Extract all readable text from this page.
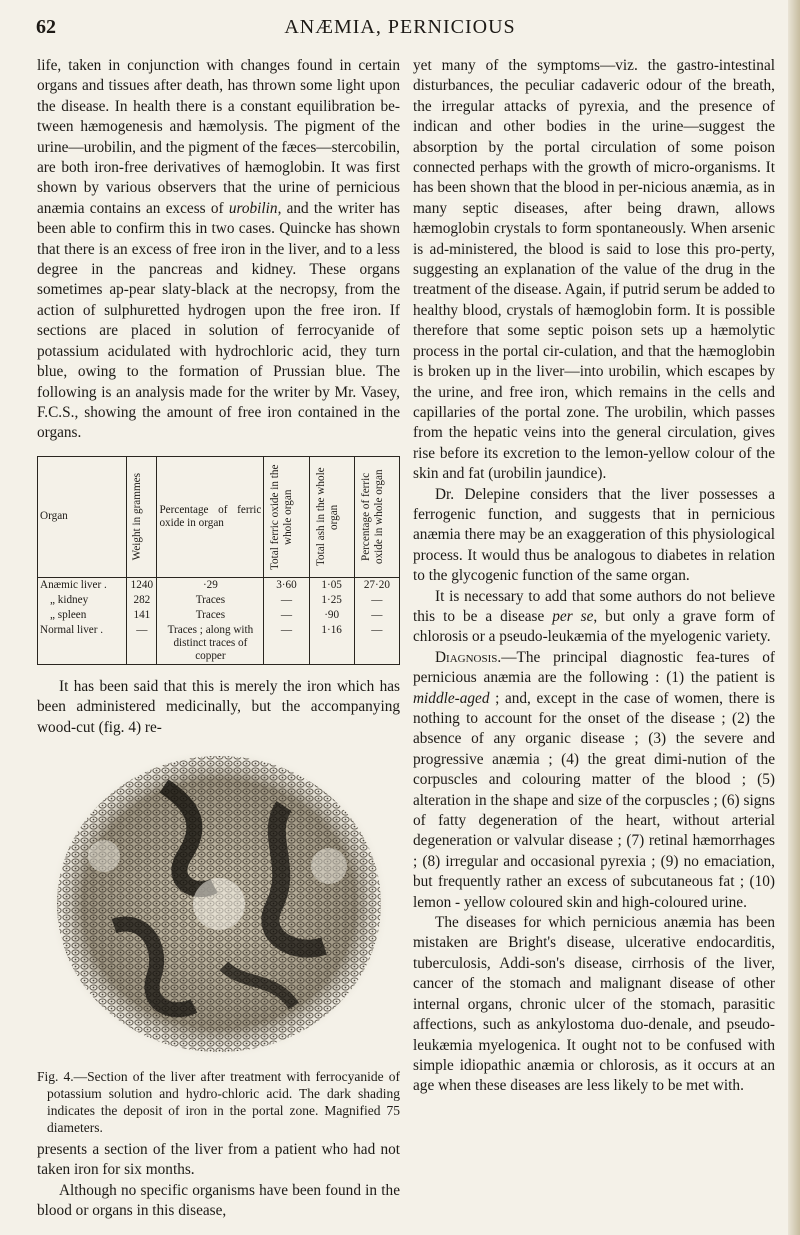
62	ANÆMIA, PERNICIOUS

life, taken in conjunction with changes found in certain organs and tissues after death, has thrown some light upon the disease. In health there is a constant equilibration be-tween hæmogenesis and hæmolysis. The pigment of the urine—urobilin, and the pigment of the fæces—stercobilin, are both iron-free derivatives of hæmoglobin. It was first shown by various observers that the urine of pernicious anæmia contains an excess of urobilin, and the writer has been able to confirm this in two cases. Quincke has shown that there is an excess of free iron in the liver, and to a less degree in the pancreas and kidney. These organs sometimes ap-pear slaty-black at the necropsy, from the action of sulphuretted hydrogen upon the free iron. If sections are placed in solution of ferrocyanide of potassium acidulated with hydrochloric acid, they turn blue, owing to the formation of Prussian blue. The following is an analysis made for the writer by Mr. Vasey, F.C.S., showing the amount of free iron contained in the organs.

Organ	Weight in grammes	Percentage of ferric oxide in organ	Total ferric oxide in the whole organ	Total ash in the whole organ	Percentage of ferric oxide in whole organ

Anæmic liver .	1240	·29	3·60	1·05	27·20
„ kidney	282	Traces	—	1·25	—
„ spleen	141	Traces	—	·90	—
Normal liver .	—	Traces ; along with distinct traces of copper	—	1·16	—

It has been said that this is merely the iron which has been administered medicinally, but the accompanying wood-cut (fig. 4) re-

Fig. 4.—Section of the liver after treatment with ferrocyanide of potassium solution and hydro-chloric acid. The dark shading indicates the deposit of iron in the portal zone. Magnified 75 diameters.

presents a section of the liver from a patient who had not taken iron for six months.

Although no specific organisms have been found in the blood or organs in this disease,

yet many of the symptoms—viz. the gastro-intestinal disturbances, the peculiar cadaveric odour of the breath, the irregular attacks of pyrexia, and the presence of indican and other bodies in the urine—suggest the absorption by the portal circulation of some poison connected perhaps with the growth of micro-organisms. It has been shown that the blood in per-nicious anæmia, as in many septic diseases, after being drawn, allows hæmoglobin crystals to form spontaneously. When arsenic is ad-ministered, the blood is said to lose this pro-perty, suggesting an explanation of the value of the drug in the treatment of the disease. Again, if putrid serum be added to healthy blood, crystals of hæmoglobin form. It is possible therefore that some septic poison sets up a hæmolytic process in the portal cir-culation, and that the hæmoglobin is broken up in the liver—into urobilin, which escapes by the urine, and free iron, which remains in the cells and capillaries of the portal zone. The urobilin, which passes from the hepatic veins into the general circulation, gives rise before its excretion to the lemon-yellow colour of the skin and fat (urobilin jaundice).

Dr. Delepine considers that the liver possesses a ferrogenic function, and suggests that in pernicious anæmia there may be an exaggeration of this physiological process. It would thus be analogous to diabetes in relation to the glycogenic function of the same organ.

It is necessary to add that some authors do not believe this to be a disease per se, but only a grave form of chlorosis or a pseudo-leukæmia of the myelogenic variety.

Diagnosis.—The principal diagnostic fea-tures of pernicious anæmia are the following : (1) the patient is middle-aged ; and, except in the case of women, there is nothing to account for the onset of the disease ; (2) the absence of any organic disease ; (3) the severe and progressive anæmia ; (4) the great dimi-nution of the corpuscles and colouring matter of the blood ; (5) alteration in the shape and size of the corpuscles ; (6) signs of fatty degeneration of the heart, without arterial degeneration or valvular disease ; (7) retinal hæmorrhages ; (8) irregular and occasional pyrexia ; (9) no emaciation, but frequently rather an excess of subcutaneous fat ; (10) lemon - yellow coloured skin and high-coloured urine.

The diseases for which pernicious anæmia has been mistaken are Bright's disease, ulcerative endocarditis, tuberculosis, Addi-son's disease, cirrhosis of the liver, cancer of the stomach and malignant disease of other internal organs, chronic ulcer of the stomach, parasitic affections, such as ankylostoma duo-denale, and pseudo-leukæmia myelogenica. It ought not to be confused with simple idiopathic anæmia or chlorosis, as it occurs at an age when these diseases are less likely to be met with.
